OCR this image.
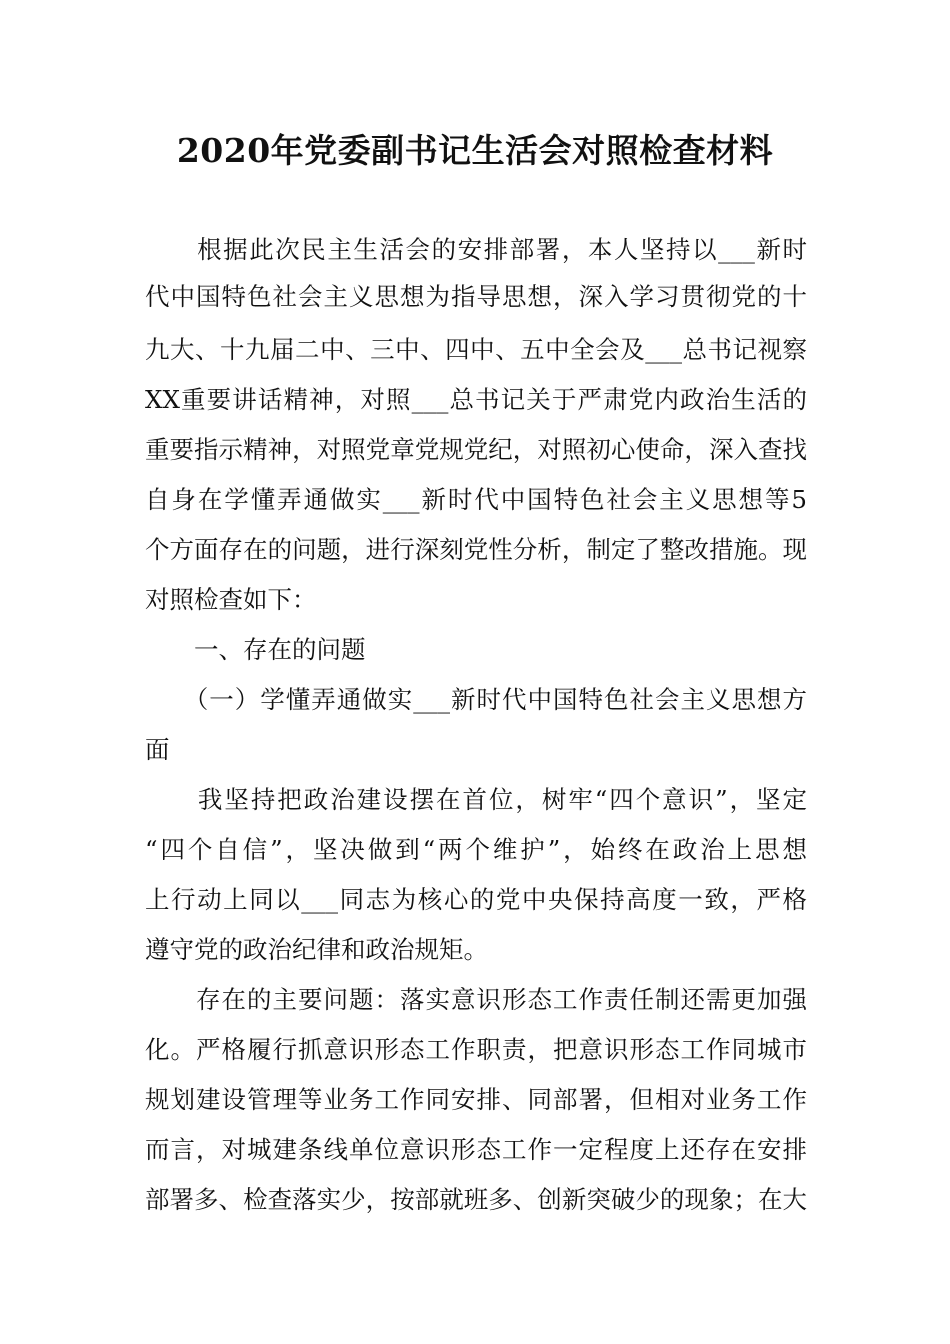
2020年党委副书记生活会对照检查材料
　　根据此次民主生活会的安排部署，本人坚持以___新时
代中国特色社会主义思想为指导思想，深入学习贯彻党的十
九大、十九届二中、三中、四中、五中全会及___总书记视察
XX重要讲话精神，对照___总书记关于严肃党内政治生活的
重要指示精神，对照党章党规党纪，对照初心使命，深入查找
自身在学懂弄通做实___新时代中国特色社会主义思想等5
个方面存在的问题，进行深刻党性分析，制定了整改措施。现
对照检查如下：
　　一、存在的问题
　　（一）学懂弄通做实___新时代中国特色社会主义思想方
面
　　我坚持把政治建设摆在首位，树牢“四个意识”，坚定
“四个自信”，坚决做到“两个维护”，始终在政治上思想
上行动上同以___同志为核心的党中央保持高度一致，严格
遵守党的政治纪律和政治规矩。
　　存在的主要问题：落实意识形态工作责任制还需更加强
化。严格履行抓意识形态工作职责，把意识形态工作同城市
规划建设管理等业务工作同安排、同部署，但相对业务工作
而言，对城建条线单位意识形态工作一定程度上还存在安排
部署多、检查落实少，按部就班多、创新突破少的现象；在大
